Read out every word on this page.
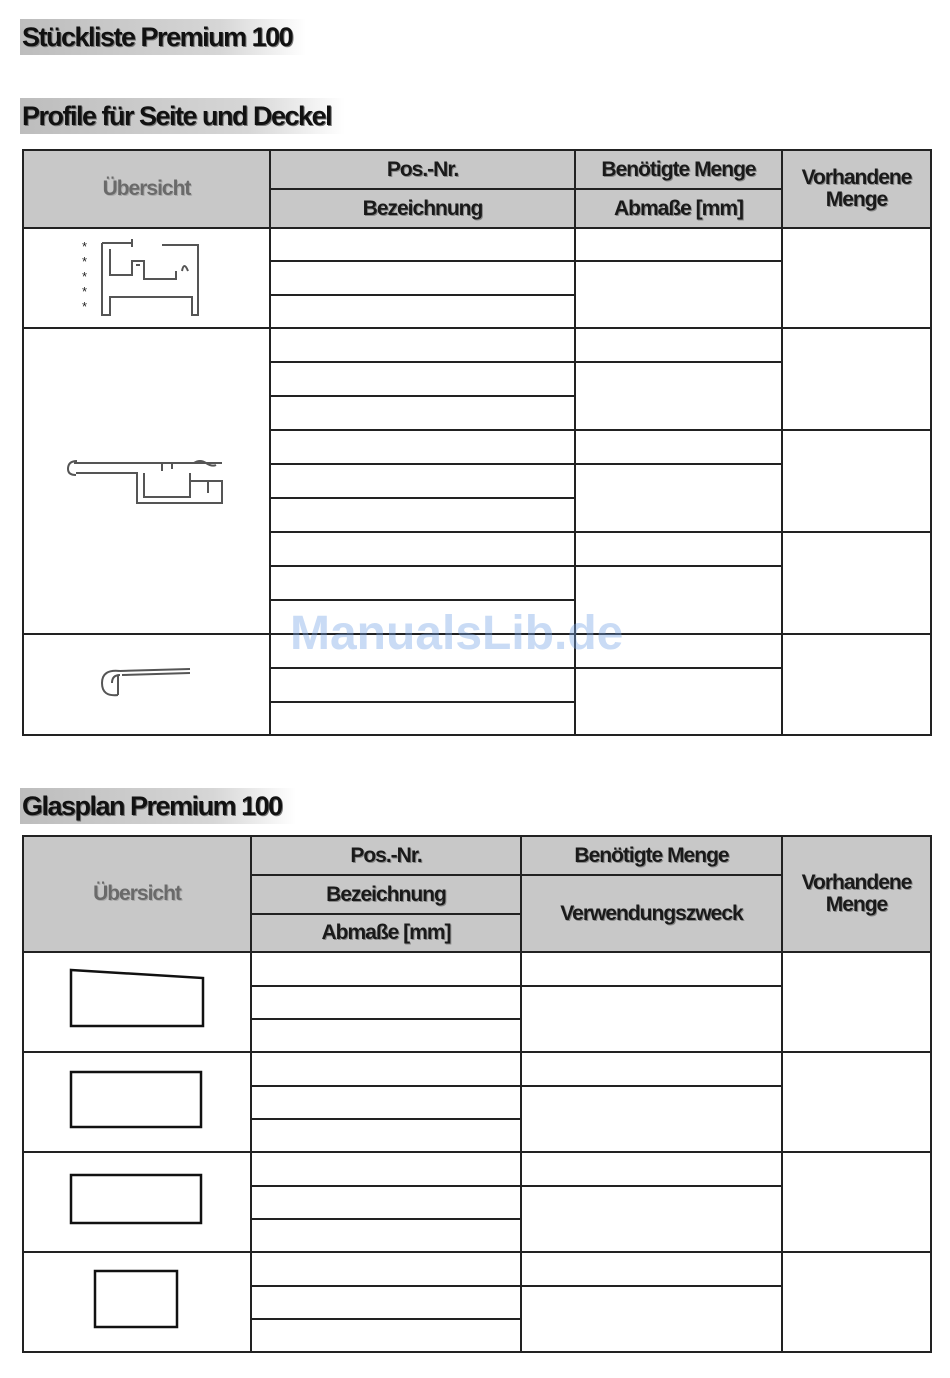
Stückliste Premium 100
Profile für Seite und Deckel
Übersicht	Pos.-Nr.	Benötigte Menge	Vorhandene Menge
	Bezeichnung	Abmaße [mm]	

*
*
*
*
*			

Glasplan Premium 100
Übersicht	Pos.-Nr.	Benötigte Menge	Vorhandene Menge
	Bezeichnung	Verwendungszweck	
	Abmaße [mm]		

ManualsLib.de
